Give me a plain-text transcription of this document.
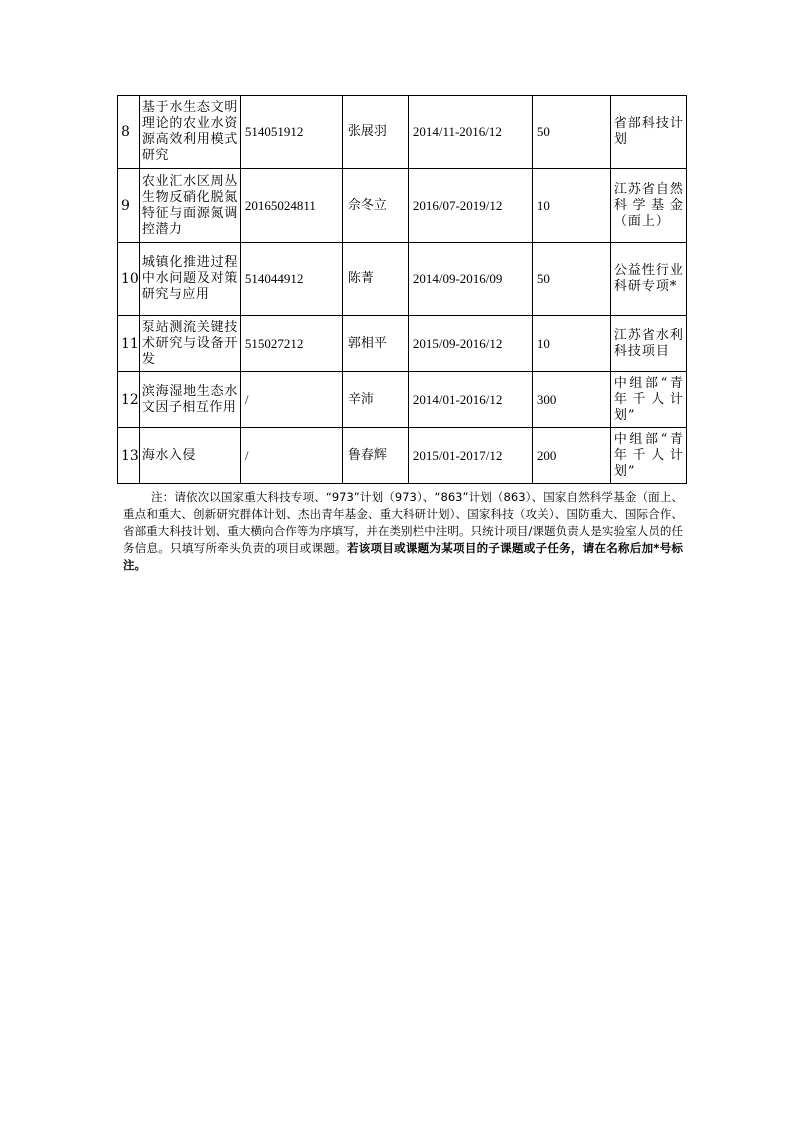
8	基于水生态文明理论的农业水资源高效利用模式研究	514051912	张展羽	2014/11-2016/12	50	省部科技计划
9	农业汇水区周丛生物反硝化脱氮特征与面源氮调控潜力	20165024811	佘冬立	2016/07-2019/12	10	江苏省自然科学基金（面上）
10	城镇化推进过程中水问题及对策研究与应用	514044912	陈菁	2014/09-2016/09	50	公益性行业科研专项*
11	泵站测流关键技术研究与设备开发	515027212	郭相平	2015/09-2016/12	10	江苏省水利科技项目
12	滨海湿地生态水文因子相互作用	/	辛沛	2014/01-2016/12	300	中组部“青年千人计划”
13	海水入侵	/	鲁春辉	2015/01-2017/12	200	中组部“青年千人计划”

注：请依次以国家重大科技专项、“973”计划（973）、“863”计划（863）、国家自然科学基金（面上、重点和重大、创新研究群体计划、杰出青年基金、重大科研计划）、国家科技（攻关）、国防重大、国际合作、省部重大科技计划、重大横向合作等为序填写，并在类别栏中注明。只统计项目/课题负责人是实验室人员的任务信息。只填写所牵头负责的项目或课题。若该项目或课题为某项目的子课题或子任务，请在名称后加*号标注。
